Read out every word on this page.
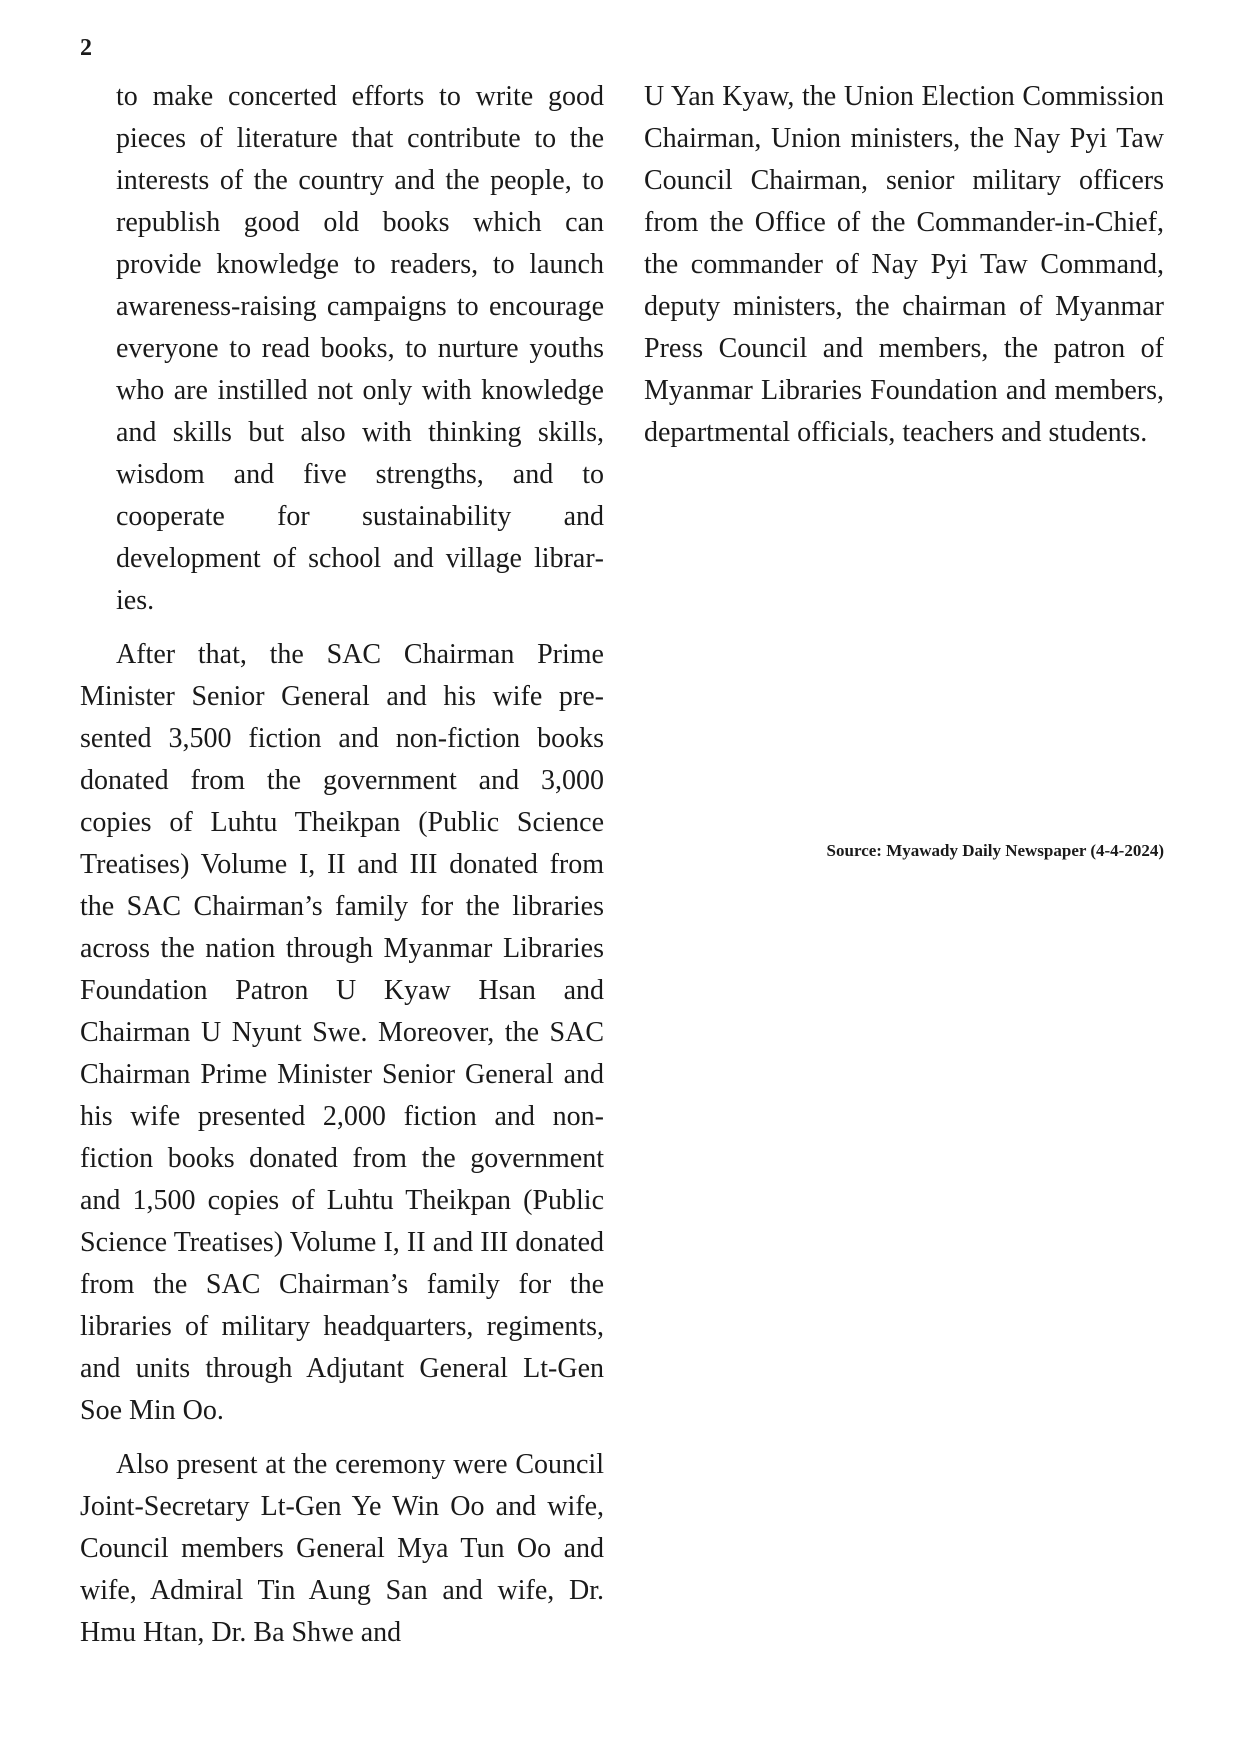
2

to make concerted efforts to write good pieces of literature that contribute to the interests of the country and the people, to republish good old books which can provide knowledge to readers, to launch awareness-raising campaigns to encourage everyone to read books, to nurture youths who are instilled not only with knowledge and skills but also with thinking skills, wisdom and five strengths, and to cooperate for sustainability and development of school and village libraries.

After that, the SAC Chairman Prime Minister Senior General and his wife presented 3,500 fiction and non-fiction books donated from the government and 3,000 copies of Luhtu Theikpan (Public Science Treatises) Volume I, II and III donated from the SAC Chairman’s family for the libraries across the nation through Myanmar Libraries Foundation Patron U Kyaw Hsan and Chairman U Nyunt Swe. Moreover, the SAC Chairman Prime Minister Senior General and his wife presented 2,000 fiction and non-fiction books donated from the government and 1,500 copies of Luhtu Theikpan (Public Science Treatises) Volume I, II and III donated from the SAC Chairman’s family for the libraries of military headquarters, regiments, and units through Adjutant General Lt-Gen Soe Min Oo.

Also present at the ceremony were Council Joint-Secretary Lt-Gen Ye Win Oo and wife, Council members General Mya Tun Oo and wife, Admiral Tin Aung San and wife, Dr. Hmu Htan, Dr. Ba Shwe and

U Yan Kyaw, the Union Election Commission Chairman, Union ministers, the Nay Pyi Taw Council Chairman, senior military officers from the Office of the Commander-in-Chief, the commander of Nay Pyi Taw Command, deputy ministers, the chairman of Myanmar Press Council and members, the patron of Myanmar Libraries Foundation and members, departmental officials, teachers and students.

Source: Myawady Daily Newspaper (4-4-2024)
